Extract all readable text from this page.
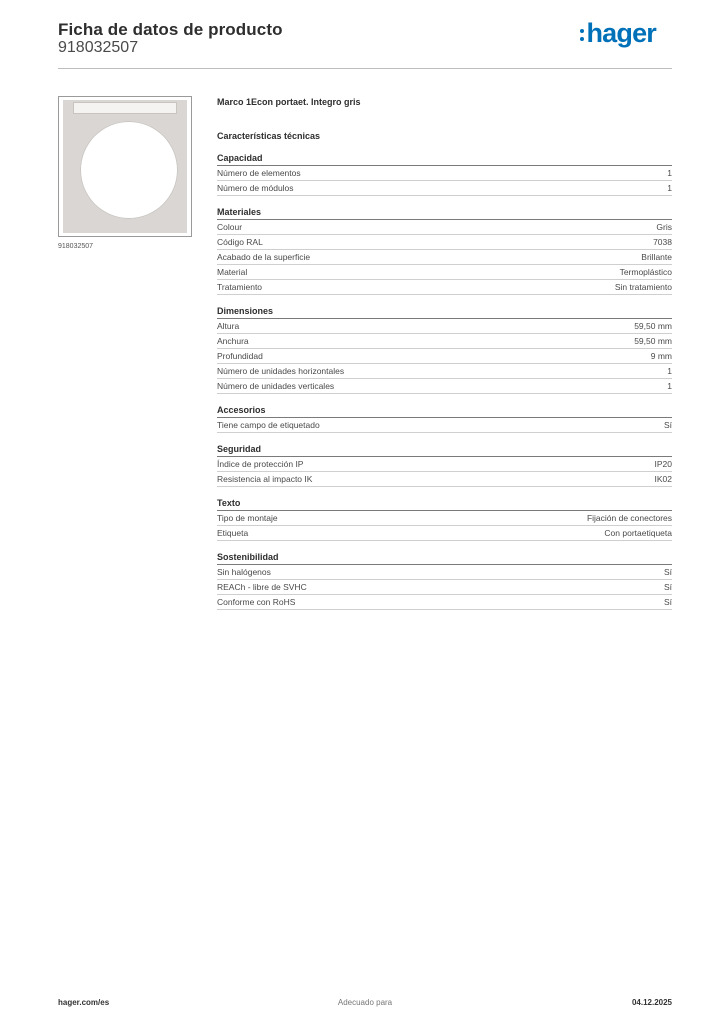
Ficha de datos de producto
918032507	hager
918032507
Marco 1Econ portaet. Integro gris
Características técnicas
Capacidad
Número de elementos	1
Número de módulos	1
Materiales
Colour	Gris
Código RAL	7038
Acabado de la superficie	Brillante
Material	Termoplástico
Tratamiento	Sin tratamiento
Dimensiones
Altura	59,50 mm
Anchura	59,50 mm
Profundidad	9 mm
Número de unidades horizontales	1
Número de unidades verticales	1
Accesorios
Tiene campo de etiquetado	Sí
Seguridad
Índice de protección IP	IP20
Resistencia al impacto IK	IK02
Texto
Tipo de montaje	Fijación de conectores
Etiqueta	Con portaetiqueta
Sostenibilidad
Sin halógenos	Sí
REACh - libre de SVHC	Sí
Conforme con RoHS	Sí
hager.com/es	Adecuado para	04.12.2025
